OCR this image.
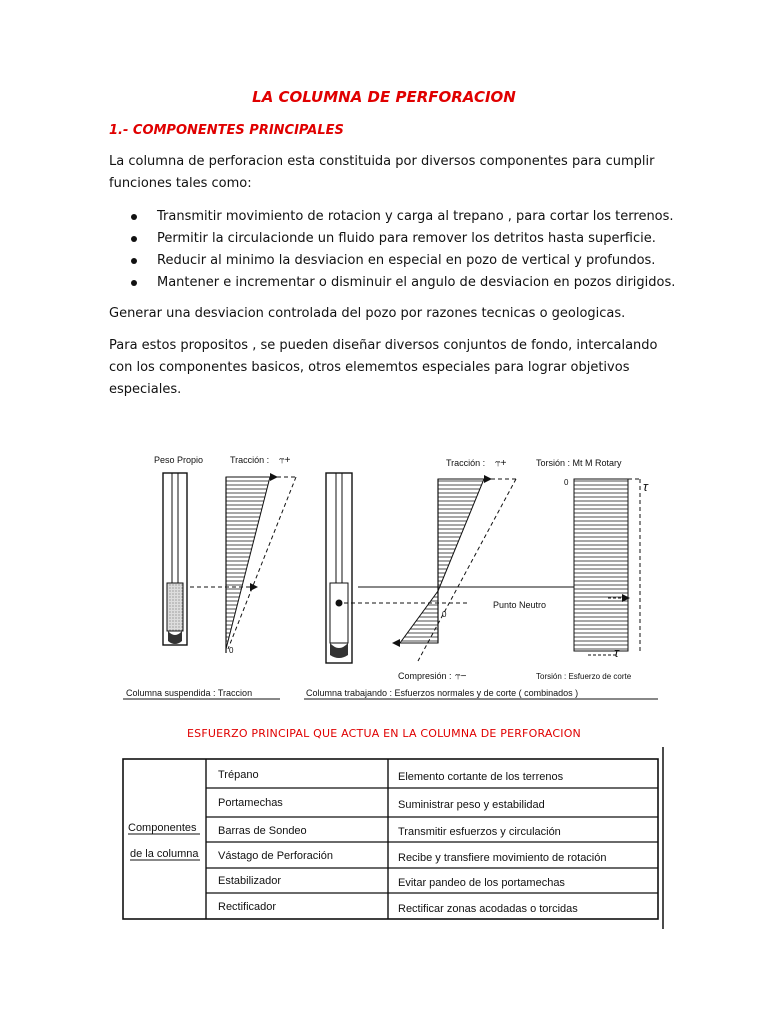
LA COLUMNA DE PERFORACION
1.- COMPONENTES PRINCIPALES

La columna de perforacion esta constituida por diversos componentes para cumplir funciones tales como:

Transmitir movimiento de rotacion y carga al trepano , para cortar los terrenos.
Permitir la circulacionde un fluido para remover los detritos hasta superficie.
Reducir al minimo la desviacion en especial en pozo de vertical y profundos.
Mantener e incrementar o disminuir el angulo de desviacion en pozos dirigidos.

Generar una desviacion controlada del pozo por razones tecnicas o geologicas.

Para estos propositos , se pueden diseñar diversos conjuntos de fondo, intercalando con los componentes basicos, otros elememtos especiales para lograr objetivos especiales.

Peso Propio	Tracción : ⥾+
0
Tracción : ⥾+
0
Punto Neutro
Compresión : ⥾−
Torsión : Mt M Rotary
0	τ
τ
Torsión : Esfuerzo de corte
Columna suspendida : Traccion	Columna trabajando : Esfuerzos normales y de corte ( combinados )
ESFUERZO PRINCIPAL QUE ACTUA EN LA COLUMNA DE PERFORACION
Componentes
de la columna
Trépano	Elemento cortante de los terrenos
Portamechas	Suministrar peso y estabilidad
Barras de Sondeo	Transmitir esfuerzos y circulación
Vástago de Perforación	Recibe y transfiere movimiento de rotación
Estabilizador	Evitar pandeo de los portamechas
Rectificador	Rectificar zonas acodadas o torcidas
